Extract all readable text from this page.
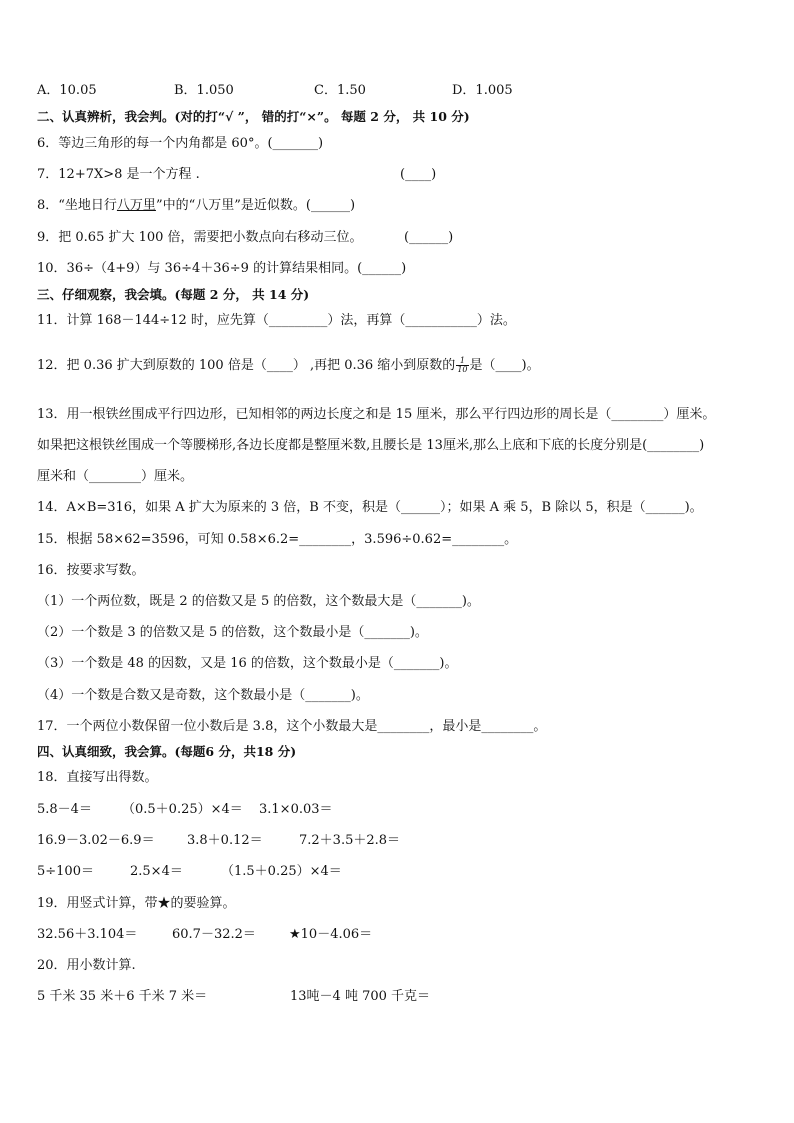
A．10.05	B．1.050	C．1.50	D．1.005
二、认真辨析，我会判。(对的打“√ ”， 错的打“×”。 每题 2 分， 共 10 分)
6．等边三角形的每一个内角都是 60°。(_______)
7．12+7X>8 是一个方程 .	(____)
8．“坐地日行八万里”中的“八万里”是近似数。(______)
9．把 0.65 扩大 100 倍，需要把小数点向右移动三位。	(______)
10．36÷（4+9）与 36÷4＋36÷9 的计算结果相同。(______)
三、仔细观察，我会填。(每题 2 分， 共 14 分)
11．计算 168－144÷12 时，应先算（_________）法，再算（___________）法。
12．把 0.36 扩大到原数的 100 倍是（____） ,再把 0.36 缩小到原数的 $\frac{1}{10}$ 是（____)。
13．用一根铁丝围成平行四边形，已知相邻的两边长度之和是 15 厘米，那么平行四边形的周长是（________）厘米。
如果把这根铁丝围成一个等腰梯形,各边长度都是整厘米数,且腰长是 13厘米,那么上底和下底的长度分别是(________)
厘米和（________）厘米。
14．A×B=316，如果 A 扩大为原来的 3 倍，B 不变，积是（______）；如果 A 乘 5，B 除以 5，积是（______)。
15．根据 58×62=3596，可知 0.58×6.2=________，3.596÷0.62=________。
16．按要求写数。
（1）一个两位数，既是 2 的倍数又是 5 的倍数，这个数最大是（_______)。
（2）一个数是 3 的倍数又是 5 的倍数，这个数最小是（_______)。
（3）一个数是 48 的因数，又是 16 的倍数，这个数最小是（_______)。
（4）一个数是合数又是奇数，这个数最小是（_______)。
17．一个两位小数保留一位小数后是 3.8，这个小数最大是________，最小是________。
四、认真细致，我会算。(每题6 分，共18 分)
18．直接写出得数。
5.8－4＝ （0.5＋0.25）×4＝ 3.1×0.03＝
16.9－3.02－6.9＝ 3.8＋0.12＝	7.2＋3.5＋2.8＝
5÷100＝	2.5×4＝	（1.5＋0.25）×4＝
19．用竖式计算，带★的要验算。
32.56＋3.104＝	60.7－32.2＝	★10－4.06＝
20．用小数计算.
5 千米 35 米＋6 千米 7 米＝	13吨－4 吨 700 千克＝
